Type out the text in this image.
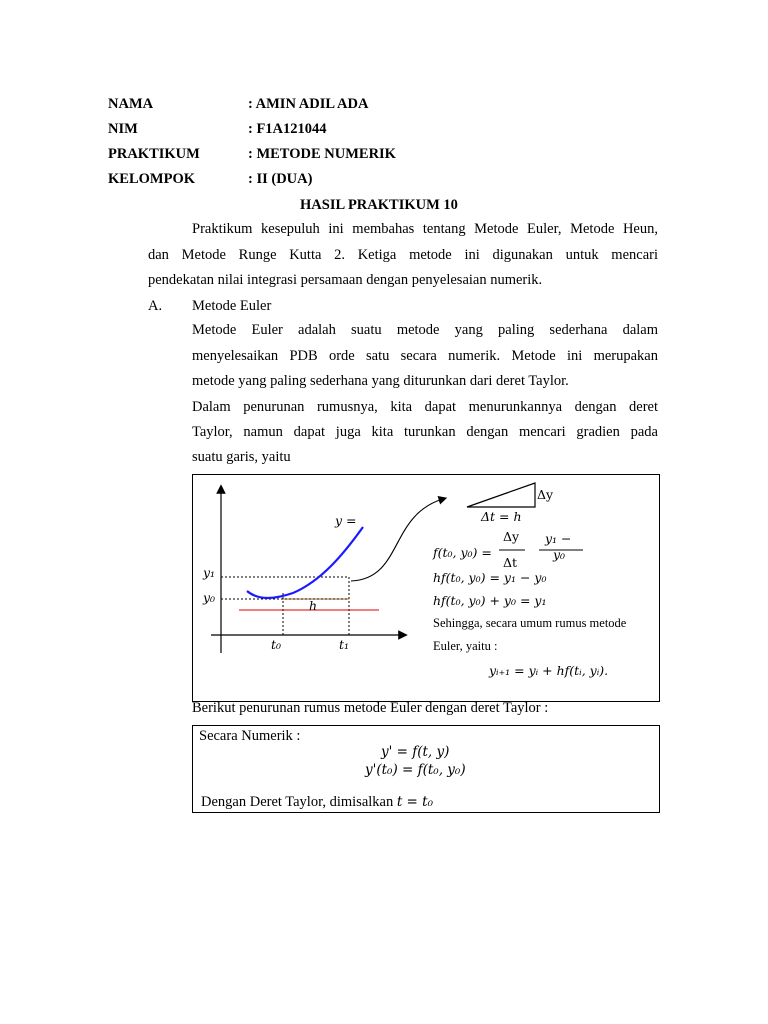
NAMA	: AMIN ADIL ADA
NIM	: F1A121044
PRAKTIKUM	: METODE NUMERIK
KELOMPOK	: II (DUA)
HASIL PRAKTIKUM 10
Praktikum kesepuluh ini membahas tentang Metode Euler, Metode Heun,
dan Metode Runge Kutta 2. Ketiga metode ini digunakan untuk mencari
pendekatan nilai integrasi persamaan dengan penyelesaian numerik.
A. Metode Euler
Metode Euler adalah suatu metode yang paling sederhana dalam
menyelesaikan PDB orde satu secara numerik. Metode ini merupakan
metode yang paling sederhana yang diturunkan dari deret Taylor.
Dalam penurunan rumusnya, kita dapat menurunkannya dengan deret
Taylor, namun dapat juga kita turunkan dengan mencari gradien pada
suatu garis, yaitu
y =
y₁
y₀
h
t₀	t₁
Δy
Δt = h
f(t₀, y₀) =
Δy
Δt
y₁ −
y₀
hf(t₀, y₀) = y₁ − y₀
hf(t₀, y₀) + y₀ = y₁
Sehingga, secara umum rumus metode
Euler, yaitu :
yᵢ₊₁ = yᵢ + hf(tᵢ, yᵢ).
Berikut penurunan rumus metode Euler dengan deret Taylor :
Secara Numerik :
y' = f(t, y)
y'(t₀) = f(t₀, y₀)
Dengan Deret Taylor, dimisalkan t = t₀
